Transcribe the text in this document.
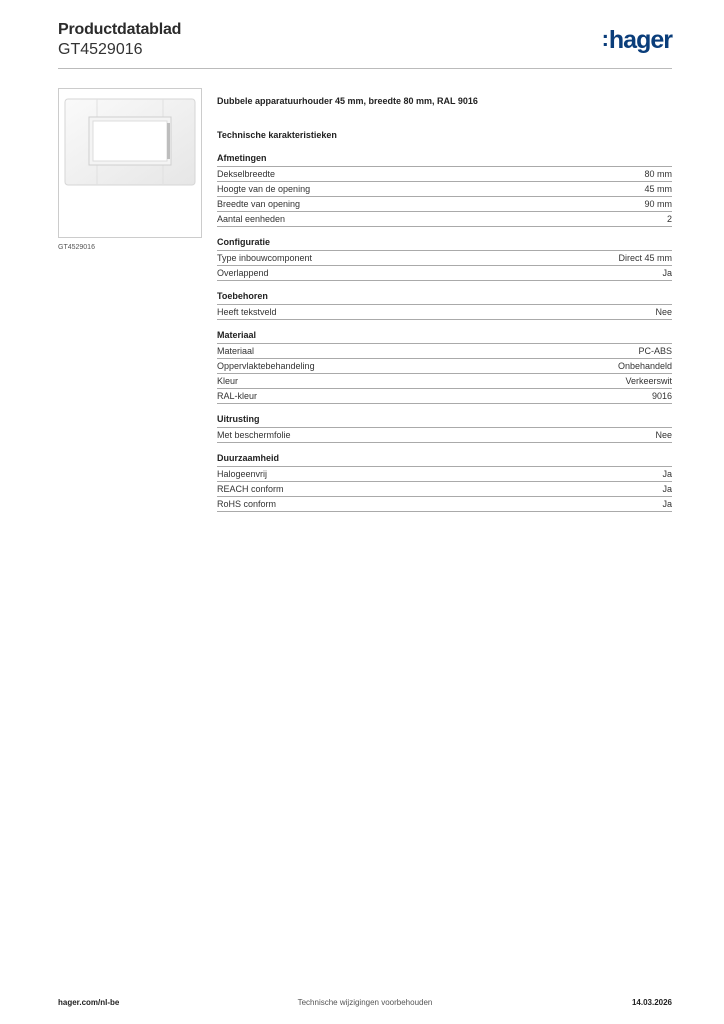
Productdatablad
GT4529016	:hager
GT4529016
Dubbele apparatuurhouder 45 mm, breedte 80 mm, RAL 9016
Technische karakteristieken
Afmetingen
Dekselbreedte	80 mm
Hoogte van de opening	45 mm
Breedte van opening	90 mm
Aantal eenheden	2
Configuratie
Type inbouwcomponent	Direct 45 mm
Overlappend	Ja
Toebehoren
Heeft tekstveld	Nee
Materiaal
Materiaal	PC-ABS
Oppervlaktebehandeling	Onbehandeld
Kleur	Verkeerswit
RAL-kleur	9016
Uitrusting
Met beschermfolie	Nee
Duurzaamheid
Halogeenvrij	Ja
REACH conform	Ja
RoHS conform	Ja
hager.com/nl-be	Technische wijzigingen voorbehouden	14.03.2026
